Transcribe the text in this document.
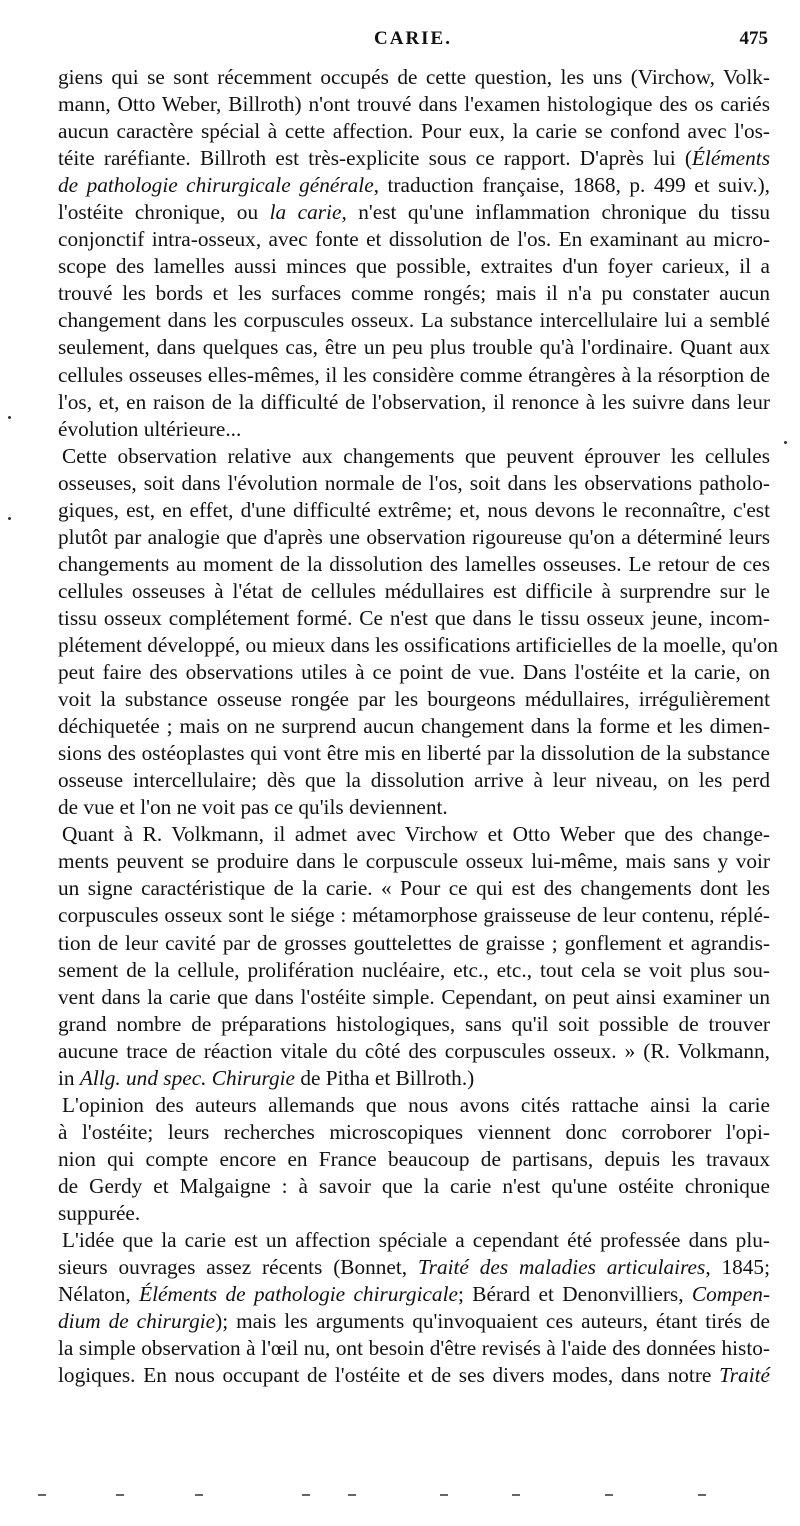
CARIE.	475
giens qui se sont récemment occupés de cette question, les uns (Virchow, Volk-
mann, Otto Weber, Billroth) n'ont trouvé dans l'examen histologique des os cariés
aucun caractère spécial à cette affection. Pour eux, la carie se confond avec l'os-
téite raréfiante. Billroth est très-explicite sous ce rapport. D'après lui (Éléments
de pathologie chirurgicale générale, traduction française, 1868, p. 499 et suiv.),
l'ostéite chronique, ou la carie, n'est qu'une inflammation chronique du tissu
conjonctif intra-osseux, avec fonte et dissolution de l'os. En examinant au micro-
scope des lamelles aussi minces que possible, extraites d'un foyer carieux, il a
trouvé les bords et les surfaces comme rongés; mais il n'a pu constater aucun
changement dans les corpuscules osseux. La substance intercellulaire lui a semblé
seulement, dans quelques cas, être un peu plus trouble qu'à l'ordinaire. Quant aux
cellules osseuses elles-mêmes, il les considère comme étrangères à la résorption de
l'os, et, en raison de la difficulté de l'observation, il renonce à les suivre dans leur
évolution ultérieure...
Cette observation relative aux changements que peuvent éprouver les cellules
osseuses, soit dans l'évolution normale de l'os, soit dans les observations patholo-
giques, est, en effet, d'une difficulté extrême; et, nous devons le reconnaître, c'est
plutôt par analogie que d'après une observation rigoureuse qu'on a déterminé leurs
changements au moment de la dissolution des lamelles osseuses. Le retour de ces
cellules osseuses à l'état de cellules médullaires est difficile à surprendre sur le
tissu osseux complétement formé. Ce n'est que dans le tissu osseux jeune, incom-
plétement développé, ou mieux dans les ossifications artificielles de la moelle, qu'on
peut faire des observations utiles à ce point de vue. Dans l'ostéite et la carie, on
voit la substance osseuse rongée par les bourgeons médullaires, irrégulièrement
déchiquetée ; mais on ne surprend aucun changement dans la forme et les dimen-
sions des ostéoplastes qui vont être mis en liberté par la dissolution de la substance
osseuse intercellulaire; dès que la dissolution arrive à leur niveau, on les perd
de vue et l'on ne voit pas ce qu'ils deviennent.
Quant à R. Volkmann, il admet avec Virchow et Otto Weber que des change-
ments peuvent se produire dans le corpuscule osseux lui-même, mais sans y voir
un signe caractéristique de la carie. « Pour ce qui est des changements dont les
corpuscules osseux sont le siége : métamorphose graisseuse de leur contenu, réplé-
tion de leur cavité par de grosses gouttelettes de graisse ; gonflement et agrandis-
sement de la cellule, prolifération nucléaire, etc., etc., tout cela se voit plus sou-
vent dans la carie que dans l'ostéite simple. Cependant, on peut ainsi examiner un
grand nombre de préparations histologiques, sans qu'il soit possible de trouver
aucune trace de réaction vitale du côté des corpuscules osseux. » (R. Volkmann,
in Allg. und spec. Chirurgie de Pitha et Billroth.)
L'opinion des auteurs allemands que nous avons cités rattache ainsi la carie
à l'ostéite; leurs recherches microscopiques viennent donc corroborer l'opi-
nion qui compte encore en France beaucoup de partisans, depuis les travaux
de Gerdy et Malgaigne : à savoir que la carie n'est qu'une ostéite chronique
suppurée.
L'idée que la carie est un affection spéciale a cependant été professée dans plu-
sieurs ouvrages assez récents (Bonnet, Traité des maladies articulaires, 1845;
Nélaton, Éléments de pathologie chirurgicale; Bérard et Denonvilliers, Compen-
dium de chirurgie); mais les arguments qu'invoquaient ces auteurs, étant tirés de
la simple observation à l'œil nu, ont besoin d'être revisés à l'aide des données histo-
logiques. En nous occupant de l'ostéite et de ses divers modes, dans notre Traité
